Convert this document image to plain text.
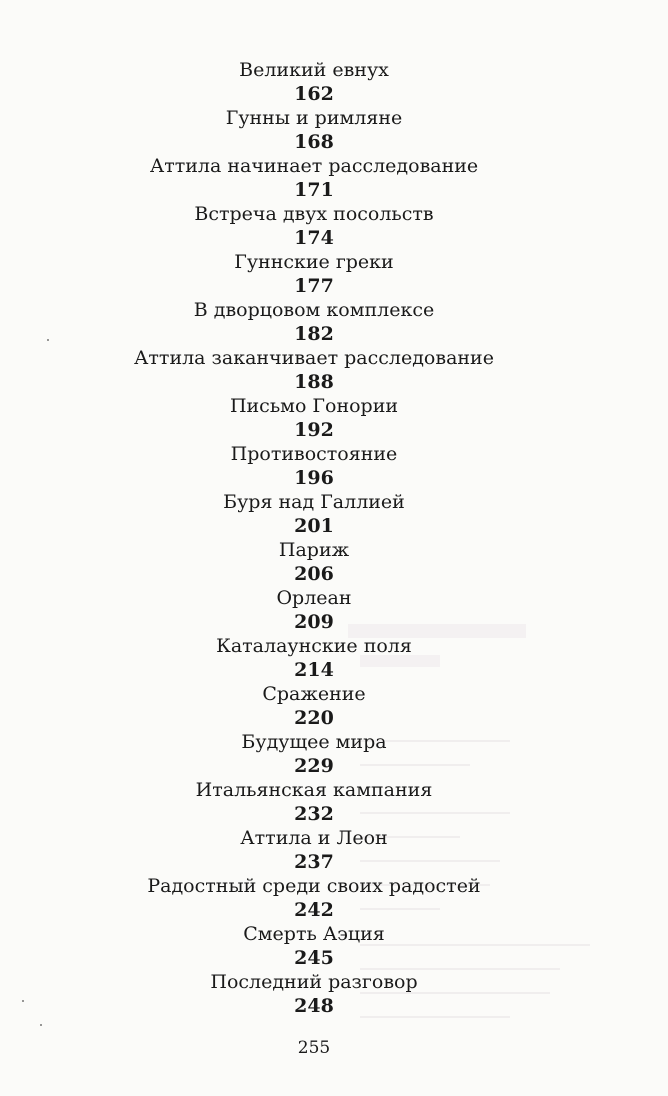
Великий евнух
162
Гунны и римляне
168
Аттила начинает расследование
171
Встреча двух посольств
174
Гуннские греки
177
В дворцовом комплексе
182
Аттила заканчивает расследование
188
Письмо Гонории
192
Противостояние
196
Буря над Галлией
201
Париж
206
Орлеан
209
Каталаунские поля
214
Сражение
220
Будущее мира
229
Итальянская кампания
232
Аттила и Леон
237
Радостный среди своих радостей
242
Смерть Аэция
245
Последний разговор
248
255
